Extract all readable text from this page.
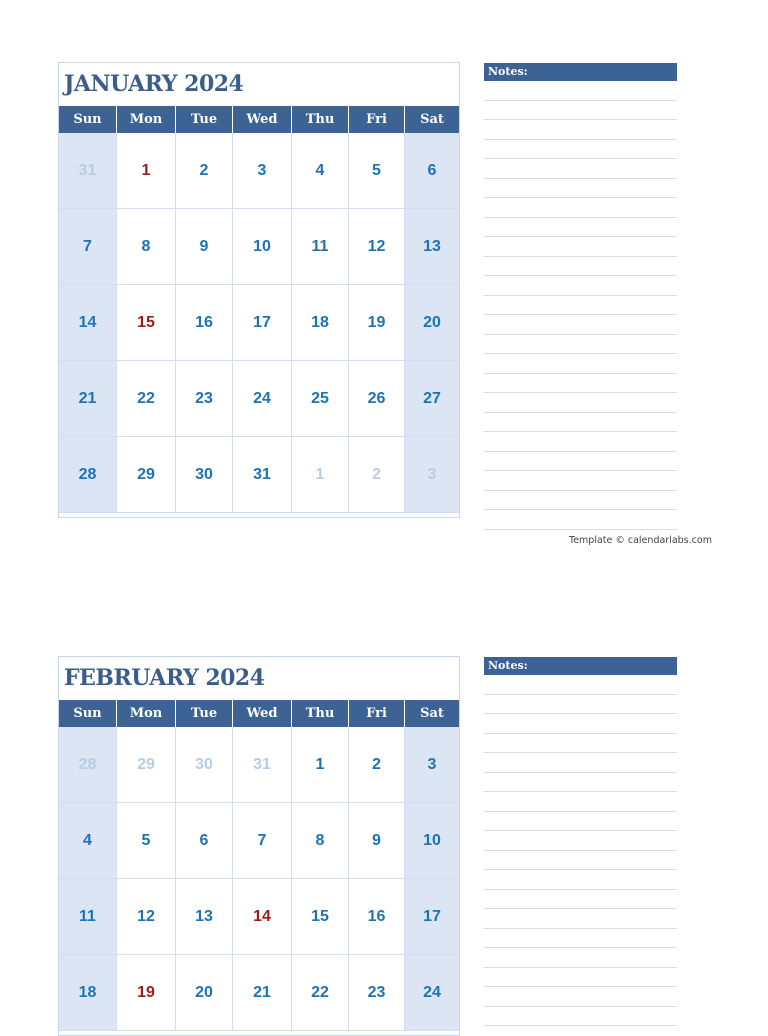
JANUARY 2024
Sun	Mon	Tue	Wed	Thu	Fri	Sat
31	1	2	3	4	5	6
7	8	9	10	11	12	13
14	15	16	17	18	19	20
21	22	23	24	25	26	27
28	29	30	31	1	2	3
Notes:
Template © calendarlabs.com
FEBRUARY 2024
Sun	Mon	Tue	Wed	Thu	Fri	Sat
28	29	30	31	1	2	3
4	5	6	7	8	9	10
11	12	13	14	15	16	17
18	19	20	21	22	23	24
Notes:
